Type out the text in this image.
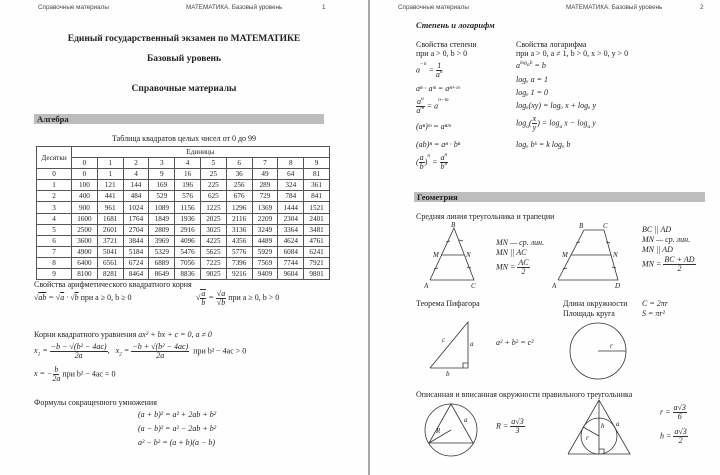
Справочные материалы	МАТЕМАТИКА. Базовый уровень	1
Единый государственный экзамен по МАТЕМАТИКЕ
Базовый уровень
Справочные материалы
Алгебра
Таблица квадратов целых чисел от 0 до 99
Десятки	Единицы									
	0	1	2	3	4	5	6	7	8	9
0	0	1	4	9	16	25	36	49	64	81
1	100	121	144	169	196	225	256	289	324	361
2	400	441	484	529	576	625	676	729	784	841
3	900	961	1024	1089	1156	1225	1296	1369	1444	1521
4	1600	1681	1764	1849	1936	2025	2116	2209	2304	2401
5	2500	2601	2704	2809	2916	3025	3136	3249	3364	3481
6	3600	3721	3844	3969	4096	4225	4356	4489	4624	4761
7	4900	5041	5184	5329	5476	5625	5776	5929	6084	6241
8	6400	6561	6724	6889	7056	7225	7396	7569	7744	7921
9	8100	8281	8464	8649	8836	9025	9216	9409	9604	9801
Свойства арифметического квадратного корня
√ab = √a · √b при a ≥ 0, b ≥ 0	√ $\frac{a}{b} = \frac{√a}{√b}$ при a ≥ 0, b > 0
Корни квадратного уравнения ax² + bx + c = 0, a ≠ 0
$x_1 = \frac{\text{−b − √(b² − 4ac)}}{2a}$ , $x_2 = \frac{\text{−b + √(b² − 4ac)}}{2a}$ при b² − 4ac > 0
x = − $\frac{b}{2a}$ при b² − 4ac = 0
Формулы сокращенного умножения
(a + b)² = a² + 2ab + b²
(a − b)² = a² − 2ab + b²
a² − b² = (a + b)(a − b)
Справочные материалы	МАТЕМАТИКА. Базовый уровень	2
Степень и логарифм
Свойства степени
при a > 0, b > 0
$a^{-n} = \frac{1}{a^n}$
aⁿ · aᵐ = aⁿ⁺ᵐ
$\frac{a^n}{a^m} = a^{n-m}$
(aⁿ)ᵐ = aⁿᵐ
(ab)ⁿ = aⁿ · bⁿ
( $\frac{a}{b} )^n = \frac{a^n}{b^n}$
Свойства логарифма
при a > 0, a ≠ 1, b > 0, x > 0, y > 0
$a^{log_ab} = b$
logₐ a = 1
logₐ 1 = 0
logₐ(xy) = logₐ x + logₐ y
$\log_a( \frac{x}{y}$ ) = $\log_a x - \log_a y$
logₐ bᵏ = k logₐ b
Геометрия
Средняя линия треугольника и трапеции
B
M	N
A	C
MN — ср. лин.
MN || AC
MN = $\frac{AC}{2}$
B	C
M	N
A	D
BC || AD
MN — ср. лин.
MN || AD
MN = $\frac{BC + AD}{2}$
Теорема Пифагора
c	a
b
a² + b² = c²
Длина окружности C = 2πr
Площадь круга	S = πr²
r
Описанная и вписанная окружности правильного треугольника
R
a
$R = \frac{a√3}{3}$
r
h a
$r = \frac{a√3}{6}$
$h = \frac{a√3}{2}$
